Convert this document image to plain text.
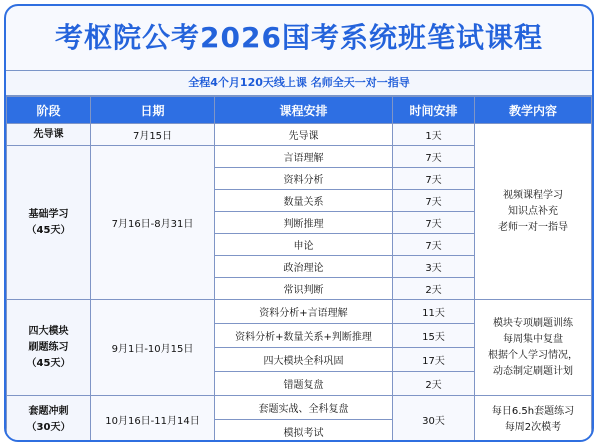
考枢院公考2026国考系统班笔试课程
全程4个月120天线上课 名师全天一对一指导
阶段	日期	课程安排	时间安排	教学内容

先导课	7月15日	先导课	1天	视频课程学习
知识点补充
老师一对一指导

基础学习
（45天）	7月16日-8月31日	言语理解	7天	
		资料分析	7天	
		数量关系	7天	
		判断推理	7天	
		申论	7天	
		政治理论	3天	
		常识判断	2天	

四大模块
刷题练习
（45天）	9月1日-10月15日	资料分析+言语理解	11天	模块专项刷题训练
每周集中复盘
根据个人学习情况，
动态制定刷题计划

		资料分析+数量关系+判断推理	15天	
		四大模块全科巩固	17天	
		错题复盘	2天	

套题冲刺
（30天）	10月16日-11月14日	套题实战、全科复盘	30天	每日6.5h套题练习
每周2次模考

		模拟考试		
